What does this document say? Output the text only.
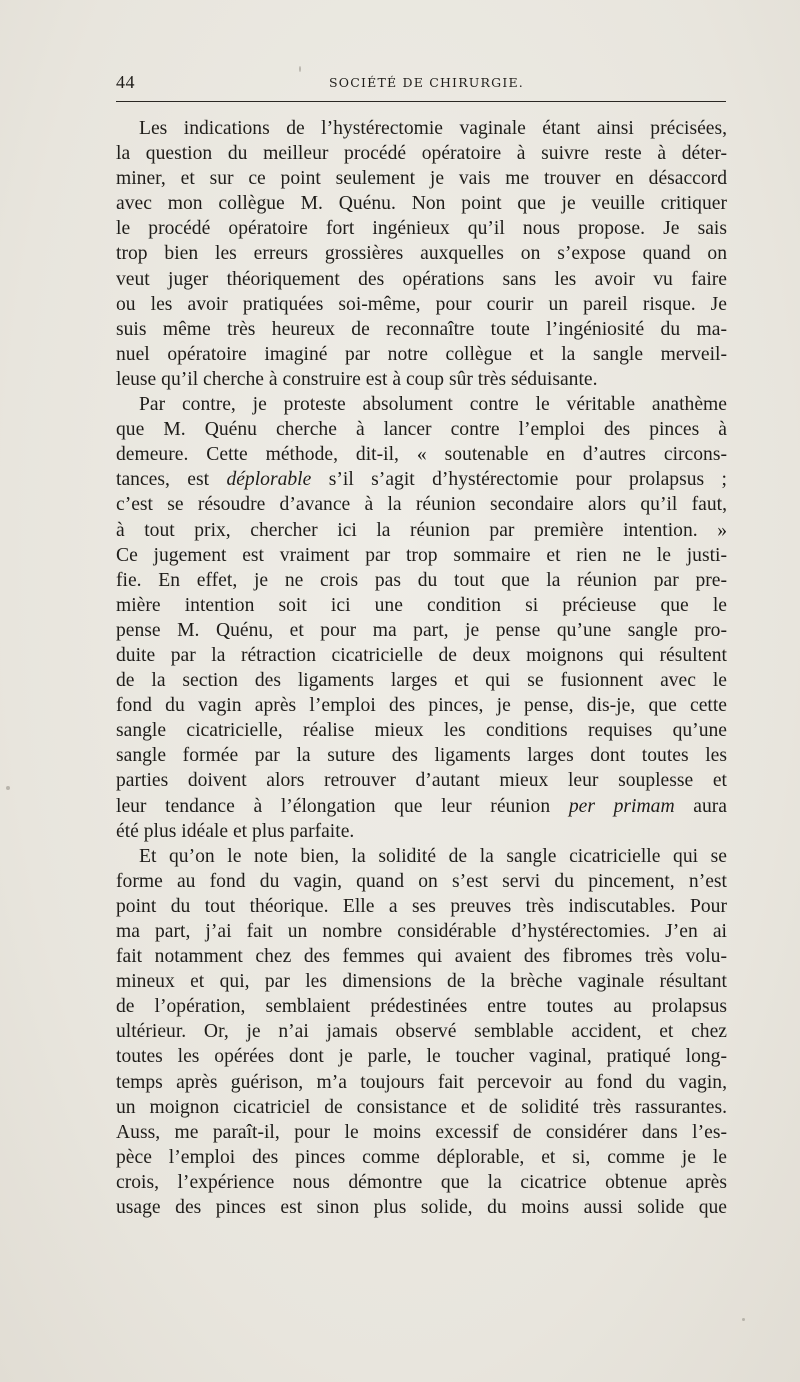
44	SOCIÉTÉ DE CHIRURGIE.
Les indications de l’hystérectomie vaginale étant ainsi précisées,
la question du meilleur procédé opératoire à suivre reste à déter-
miner, et sur ce point seulement je vais me trouver en désaccord
avec mon collègue M. Quénu. Non point que je veuille critiquer
le procédé opératoire fort ingénieux qu’il nous propose. Je sais
trop bien les erreurs grossières auxquelles on s’expose quand on
veut juger théoriquement des opérations sans les avoir vu faire
ou les avoir pratiquées soi-même, pour courir un pareil risque. Je
suis même très heureux de reconnaître toute l’ingéniosité du ma-
nuel opératoire imaginé par notre collègue et la sangle merveil-
leuse qu’il cherche à construire est à coup sûr très séduisante.
Par contre, je proteste absolument contre le véritable anathème
que M. Quénu cherche à lancer contre l’emploi des pinces à
demeure. Cette méthode, dit-il, « soutenable en d’autres circons-
tances, est déplorable s’il s’agit d’hystérectomie pour prolapsus ;
c’est se résoudre d’avance à la réunion secondaire alors qu’il faut,
à tout prix, chercher ici la réunion par première intention. »
Ce jugement est vraiment par trop sommaire et rien ne le justi-
fie. En effet, je ne crois pas du tout que la réunion par pre-
mière intention soit ici une condition si précieuse que le
pense M. Quénu, et pour ma part, je pense qu’une sangle pro-
duite par la rétraction cicatricielle de deux moignons qui résultent
de la section des ligaments larges et qui se fusionnent avec le
fond du vagin après l’emploi des pinces, je pense, dis-je, que cette
sangle cicatricielle, réalise mieux les conditions requises qu’une
sangle formée par la suture des ligaments larges dont toutes les
parties doivent alors retrouver d’autant mieux leur souplesse et
leur tendance à l’élongation que leur réunion per primam aura
été plus idéale et plus parfaite.
Et qu’on le note bien, la solidité de la sangle cicatricielle qui se
forme au fond du vagin, quand on s’est servi du pincement, n’est
point du tout théorique. Elle a ses preuves très indiscutables. Pour
ma part, j’ai fait un nombre considérable d’hystérectomies. J’en ai
fait notamment chez des femmes qui avaient des fibromes très volu-
mineux et qui, par les dimensions de la brèche vaginale résultant
de l’opération, semblaient prédestinées entre toutes au prolapsus
ultérieur. Or, je n’ai jamais observé semblable accident, et chez
toutes les opérées dont je parle, le toucher vaginal, pratiqué long-
temps après guérison, m’a toujours fait percevoir au fond du vagin,
un moignon cicatriciel de consistance et de solidité très rassurantes.
Auss, me paraît-il, pour le moins excessif de considérer dans l’es-
pèce l’emploi des pinces comme déplorable, et si, comme je le
crois, l’expérience nous démontre que la cicatrice obtenue après
usage des pinces est sinon plus solide, du moins aussi solide que
